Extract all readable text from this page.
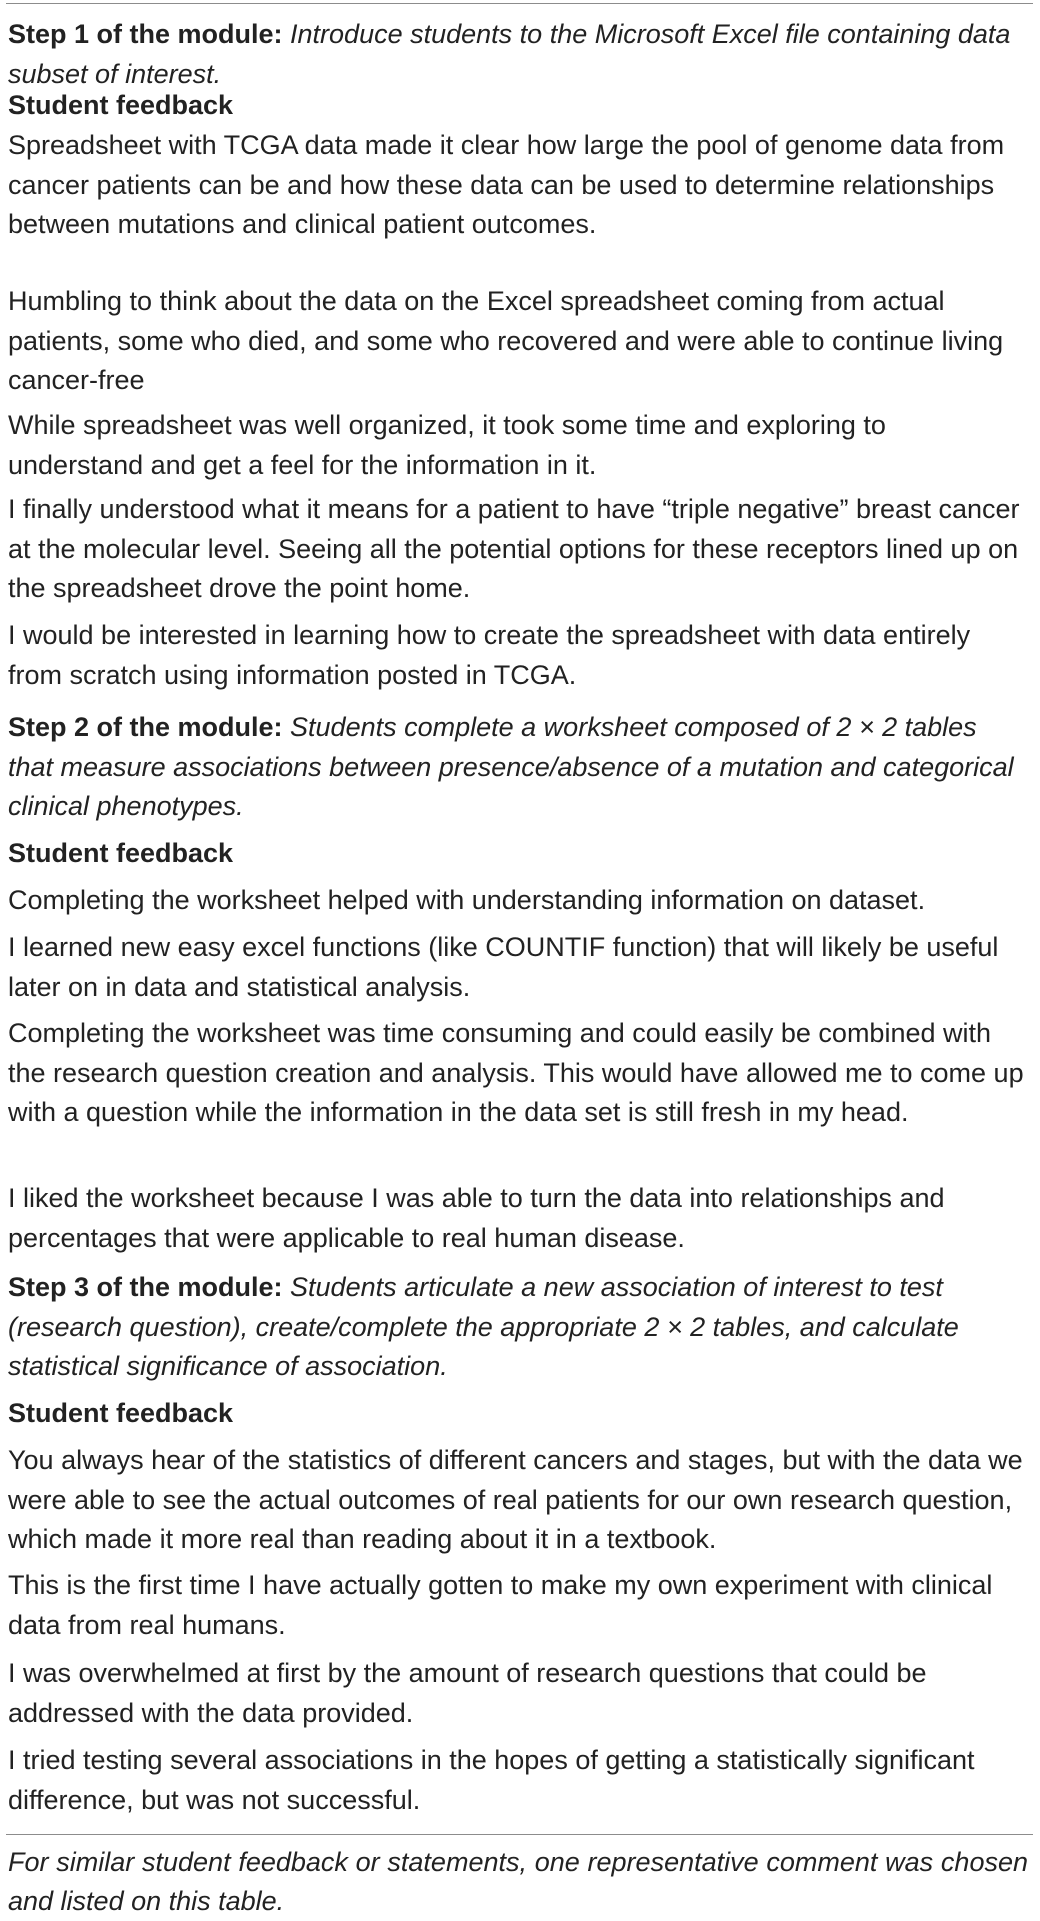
Step 1 of the module: Introduce students to the Microsoft Excel file containing data subset of interest.

Student feedback

Spreadsheet with TCGA data made it clear how large the pool of genome data from cancer patients can be and how these data can be used to determine relationships between mutations and clinical patient outcomes.

Humbling to think about the data on the Excel spreadsheet coming from actual patients, some who died, and some who recovered and were able to continue living cancer-free

While spreadsheet was well organized, it took some time and exploring to understand and get a feel for the information in it.

I finally understood what it means for a patient to have “triple negative” breast cancer at the molecular level. Seeing all the potential options for these receptors lined up on the spreadsheet drove the point home.

I would be interested in learning how to create the spreadsheet with data entirely from scratch using information posted in TCGA.

Step 2 of the module: Students complete a worksheet composed of 2 × 2 tables that measure associations between presence/absence of a mutation and categorical clinical phenotypes.

Student feedback

Completing the worksheet helped with understanding information on dataset.

I learned new easy excel functions (like COUNTIF function) that will likely be useful later on in data and statistical analysis.

Completing the worksheet was time consuming and could easily be combined with the research question creation and analysis. This would have allowed me to come up with a question while the information in the data set is still fresh in my head.

I liked the worksheet because I was able to turn the data into relationships and percentages that were applicable to real human disease.

Step 3 of the module: Students articulate a new association of interest to test (research question), create/complete the appropriate 2 × 2 tables, and calculate statistical significance of association.

Student feedback

You always hear of the statistics of different cancers and stages, but with the data we were able to see the actual outcomes of real patients for our own research question, which made it more real than reading about it in a textbook.

This is the first time I have actually gotten to make my own experiment with clinical data from real humans.

I was overwhelmed at first by the amount of research questions that could be addressed with the data provided.

I tried testing several associations in the hopes of getting a statistically significant difference, but was not successful.

For similar student feedback or statements, one representative comment was chosen and listed on this table.
